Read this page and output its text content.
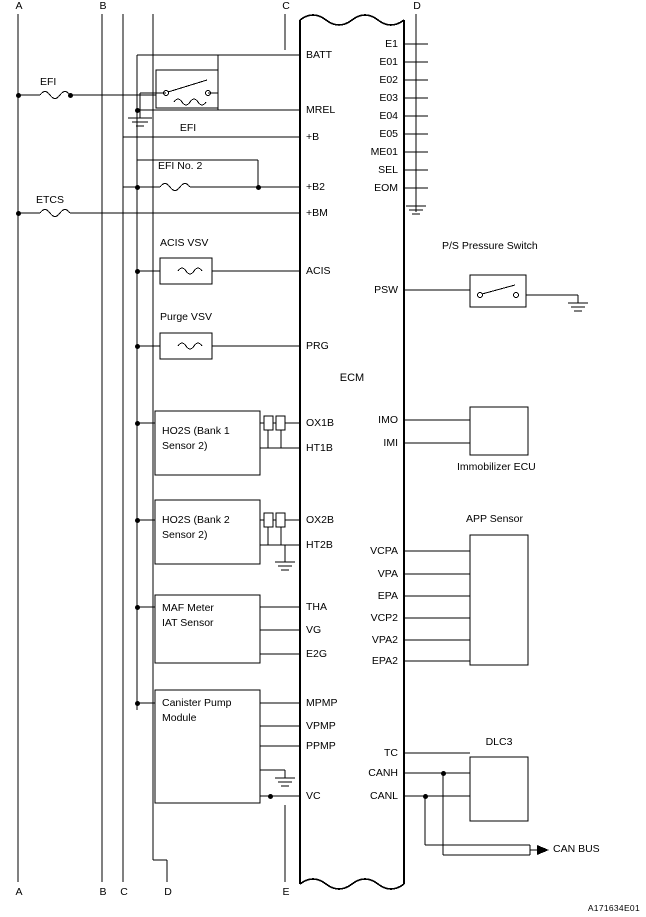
A	B	C	D
A	B	C	D	E
EFI
ETCS
EFI No. 2
EFI
ACIS VSV
Purge VSV
HO2S (Bank 1
Sensor 2)
HO2S (Bank 2
Sensor 2)
MAF Meter
IAT Sensor
Canister Pump
Module
P/S Pressure Switch
Immobilizer ECU
APP Sensor
DLC3
ECM
CAN BUS
BATT
MREL
+B
+B2
+BM
ACIS
PRG
OX1B
HT1B
OX2B
HT2B
THA
VG
E2G
MPMP
VPMP
PPMP
VC
E1
E01
E02
E03
E04
E05
ME01
SEL
EOM
PSW
IMO
IMI
VCPA
VPA
EPA
VCP2
VPA2
EPA2
TC
CANH
CANL
A171634E01
